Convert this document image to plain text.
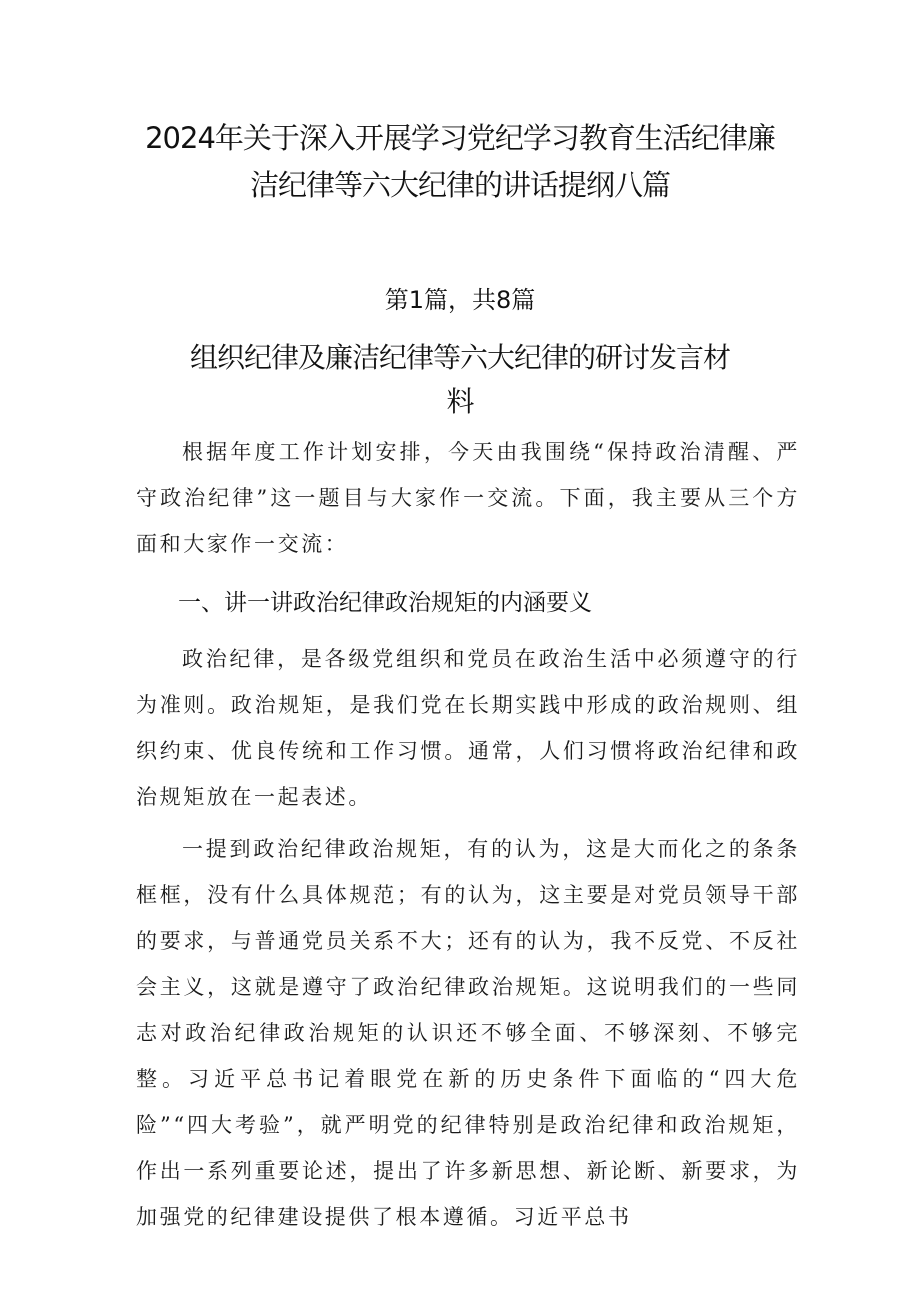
2024年关于深入开展学习党纪学习教育生活纪律廉
洁纪律等六大纪律的讲话提纲八篇
第1篇，共8篇
组织纪律及廉洁纪律等六大纪律的研讨发言材
料
根据年度工作计划安排，今天由我围绕“保持政治清醒、严守政治纪律”这一题目与大家作一交流。下面，我主要从三个方面和大家作一交流：
一、讲一讲政治纪律政治规矩的内涵要义
政治纪律，是各级党组织和党员在政治生活中必须遵守的行为准则。政治规矩，是我们党在长期实践中形成的政治规则、组织约束、优良传统和工作习惯。通常，人们习惯将政治纪律和政治规矩放在一起表述。
一提到政治纪律政治规矩，有的认为，这是大而化之的条条框框，没有什么具体规范；有的认为，这主要是对党员领导干部的要求，与普通党员关系不大；还有的认为，我不反党、不反社会主义，这就是遵守了政治纪律政治规矩。这说明我们的一些同志对政治纪律政治规矩的认识还不够全面、不够深刻、不够完整。习近平总书记着眼党在新的历史条件下面临的“四大危险”“四大考验”，就严明党的纪律特别是政治纪律和政治规矩，作出一系列重要论述，提出了许多新思想、新论断、新要求，为加强党的纪律建设提供了根本遵循。习近平总书
